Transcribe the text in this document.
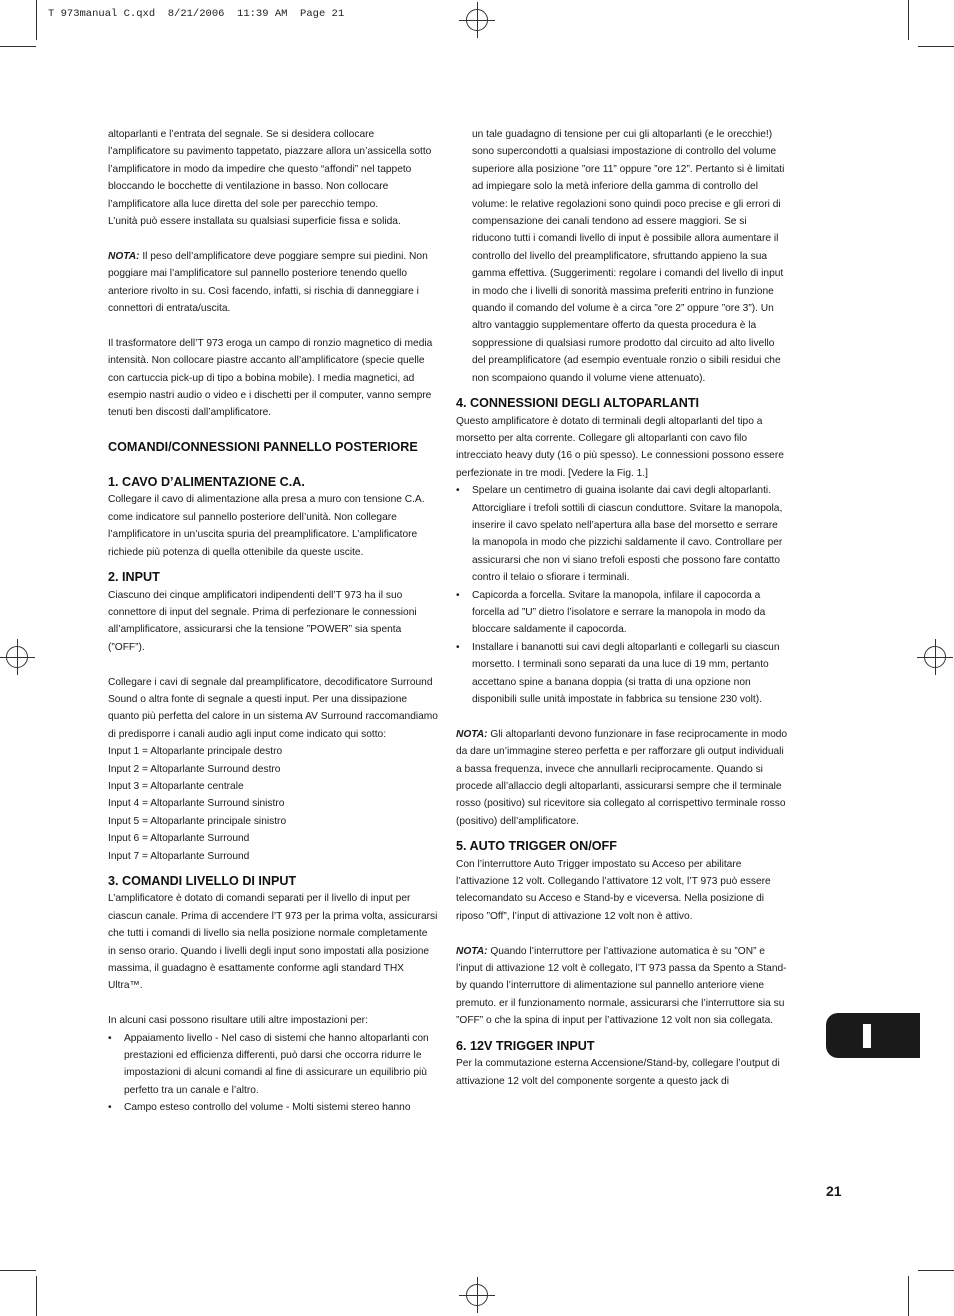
T 973manual C.qxd  8/21/2006  11:39 AM  Page 21

altoparlanti e l’entrata del segnale. Se si desidera collocare l’amplificatore su pavimento tappetato, piazzare allora un’assicella sotto l’amplificatore in modo da impedire che questo “affondi” nel tappeto bloccando le bocchette di ventilazione in basso. Non collocare l’amplificatore alla luce diretta del sole per parecchio tempo.

L’unità può essere installata su qualsiasi superficie fissa e solida.

NOTA: Il peso dell’amplificatore deve poggiare sempre sui piedini. Non poggiare mai l’amplificatore sul pannello posteriore tenendo quello anteriore rivolto in su. Così facendo, infatti, si rischia di danneggiare i connettori di entrata/uscita.

Il trasformatore dell’T 973 eroga un campo di ronzio magnetico di media intensità. Non collocare piastre accanto all’amplificatore (specie quelle con cartuccia pick-up di tipo a bobina mobile). I media magnetici, ad esempio nastri audio o video e i dischetti per il computer, vanno sempre tenuti ben discosti dall’amplificatore.

COMANDI/CONNESSIONI PANNELLO POSTERIORE

1. CAVO D’ALIMENTAZIONE C.A.

Collegare il cavo di alimentazione alla presa a muro con tensione C.A. come indicatore sul pannello posteriore dell’unità. Non collegare l’amplificatore in un’uscita spuria del preamplificatore. L’amplificatore richiede più potenza di quella ottenibile da queste uscite.

2. INPUT

Ciascuno dei cinque amplificatori indipendenti dell’T 973 ha il suo connettore di input del segnale. Prima di perfezionare le connessioni all’amplificatore, assicurarsi che la tensione ”POWER” sia spenta (”OFF”).

Collegare i cavi di segnale dal preamplificatore, decodificatore Surround Sound o altra fonte di segnale a questi input. Per una dissipazione quanto più perfetta del calore in un sistema AV Surround raccomandiamo di predisporre i canali audio agli input come indicato qui sotto:

Input 1 = Altoparlante principale destro

Input 2 = Altoparlante Surround destro

Input 3 = Altoparlante centrale

Input 4 = Altoparlante Surround sinistro

Input 5 = Altoparlante principale sinistro

Input 6 = Altoparlante Surround

Input 7 = Altoparlante Surround

3. COMANDI LIVELLO DI INPUT

L’amplificatore è dotato di comandi separati per il livello di input per ciascun canale. Prima di accendere l’T 973 per la prima volta, assicurarsi che tutti i comandi di livello sia nella posizione normale completamente in senso orario. Quando i livelli degli input sono impostati alla posizione massima, il guadagno è esattamente conforme agli standard THX Ultra™.

In alcuni casi possono risultare utili altre impostazioni per:

• Appaiamento livello - Nel caso di sistemi che hanno altoparlanti con prestazioni ed efficienza differenti, può darsi che occorra ridurre le impostazioni di alcuni comandi al fine di assicurare un equilibrio più perfetto tra un canale e l’altro.
• Campo esteso controllo del volume - Molti sistemi stereo hanno

un tale guadagno di tensione per cui gli altoparlanti (e le orecchie!) sono supercondotti a qualsiasi impostazione di controllo del volume superiore alla posizione ”ore 11” oppure ”ore 12”. Pertanto si è limitati ad impiegare solo la metà inferiore della gamma di controllo del volume: le relative regolazioni sono quindi poco precise e gli errori di compensazione dei canali tendono ad essere maggiori. Se si riducono tutti i comandi livello di input è possibile allora aumentare il controllo del livello del preamplificatore, sfruttando appieno la sua gamma effettiva. (Suggerimenti: regolare i comandi del livello di input in modo che i livelli di sonorità massima preferiti entrino in funzione quando il comando del volume è a circa ”ore 2” oppure ”ore 3”). Un altro vantaggio supplementare offerto da questa procedura è la soppressione di qualsiasi rumore prodotto dal circuito ad alto livello del preamplificatore (ad esempio eventuale ronzio o sibili residui che non scompaiono quando il volume viene attenuato).

4. CONNESSIONI DEGLI ALTOPARLANTI

Questo amplificatore è dotato di terminali degli altoparlanti del tipo a morsetto per alta corrente. Collegare gli altoparlanti con cavo filo intrecciato heavy duty (16 o più spesso). Le connessioni possono essere perfezionate in tre modi. [Vedere la Fig. 1.]

• Spelare un centimetro di guaina isolante dai cavi degli altoparlanti. Attorcigliare i trefoli sottili di ciascun conduttore. Svitare la manopola, inserire il cavo spelato nell’apertura alla base del morsetto e serrare la manopola in modo che pizzichi saldamente il cavo. Controllare per assicurarsi che non vi siano trefoli esposti che possono fare contatto contro il telaio o sfiorare i terminali.
• Capicorda a forcella. Svitare la manopola, infilare il capocorda a forcella ad ”U” dietro l’isolatore e serrare la manopola in modo da bloccare saldamente il capocorda.
• Installare i bananotti sui cavi degli altoparlanti e collegarli su ciascun morsetto. I terminali sono separati da una luce di 19 mm, pertanto accettano spine a banana doppia (si tratta di una opzione non disponibili sulle unità impostate in fabbrica su tensione 230 volt).

NOTA: Gli altoparlanti devono funzionare in fase reciprocamente in modo da dare un’immagine stereo perfetta e per rafforzare gli output individuali a bassa frequenza, invece che annullarli reciprocamente. Quando si procede all’allaccio degli altoparlanti, assicurarsi sempre che il terminale rosso (positivo) sul ricevitore sia collegato al corrispettivo terminale rosso (positivo) dell’amplificatore.

5. AUTO TRIGGER ON/OFF

Con l’interruttore Auto Trigger impostato su Acceso per abilitare l’attivazione 12 volt. Collegando l’attivatore 12 volt, l’T 973 può essere telecomandato su Acceso e Stand-by e viceversa. Nella posizione di riposo ”Off”, l’input di attivazione 12 volt non è attivo.

NOTA: Quando l’interruttore per l’attivazione automatica è su ”ON” e l’input di attivazione 12 volt è collegato, l’T 973 passa da Spento a Stand-by quando l’interruttore di alimentazione sul pannello anteriore viene premuto. er il funzionamento normale, assicurarsi che l’interruttore sia su ”OFF” o che la spina di input per l’attivazione 12 volt non sia collegata.

6. 12V TRIGGER INPUT

Per la commutazione esterna Accensione/Stand-by, collegare l’output di attivazione 12 volt del componente sorgente a questo jack di

21
